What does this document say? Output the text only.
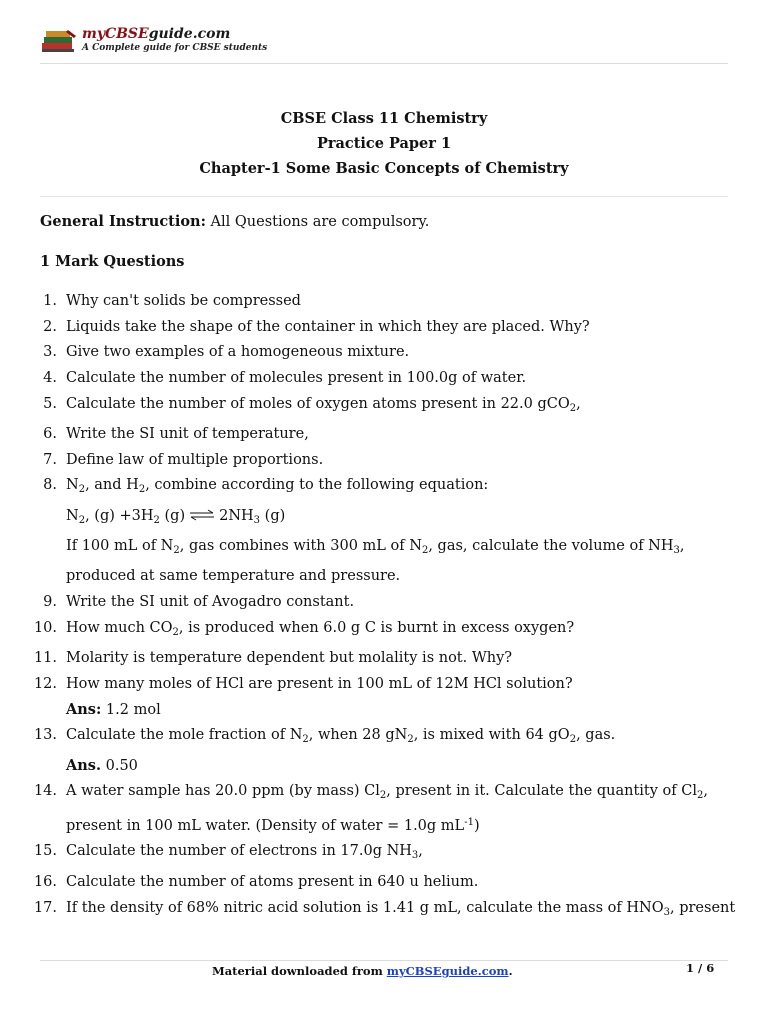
myCBSEguide.com
A Complete guide for CBSE students
CBSE Class 11 Chemistry
Practice Paper 1
Chapter-1 Some Basic Concepts of Chemistry
General Instruction: All Questions are compulsory.
1 Mark Questions
1. Why can't solids be compressed
2. Liquids take the shape of the container in which they are placed. Why?
3. Give two examples of a homogeneous mixture.
4. Calculate the number of molecules present in 100.0g of water.
5. Calculate the number of moles of oxygen atoms present in 22.0 gCO$_2$,
6. Write the SI unit of temperature,
7. Define law of multiple proportions.
8. $N_2$, and $H_2$, combine according to the following equation:
$N_2$, $(g) +3H_2$ (g) ⇌ $2NH_3$ (g)
If 100 mL of $N_2$, gas combines with 300 mL of $N_2$, gas, calculate the volume of $NH_3$,
produced at same temperature and pressure.
9. Write the SI unit of Avogadro constant.
10. How much $CO_2$, is produced when 6.0 g C is burnt in excess oxygen?
11. Molarity is temperature dependent but molality is not. Why?
12. How many moles of HCl are present in 100 mL of 12M HCl solution?
Ans: 1.2 mol
13. Calculate the mole fraction of $N_2$, when 28 $gN_2$, is mixed with 64 $gO_2$, gas.
Ans. 0.50
14. A water sample has 20.0 ppm (by mass) $Cl_2$, present in it. Calculate the quantity of $Cl_2$,
present in 100 mL water. (Density of water = 1.0g $mL^{-1}$)
15. Calculate the number of electrons in 17.0g $NH_3$,
16. Calculate the number of atoms present in 640 u helium.
17. If the density of 68% nitric acid solution is 1.41 g mL, calculate the mass of $HNO_3$, present
Material downloaded from myCBSEguide.com.	1 / 6
